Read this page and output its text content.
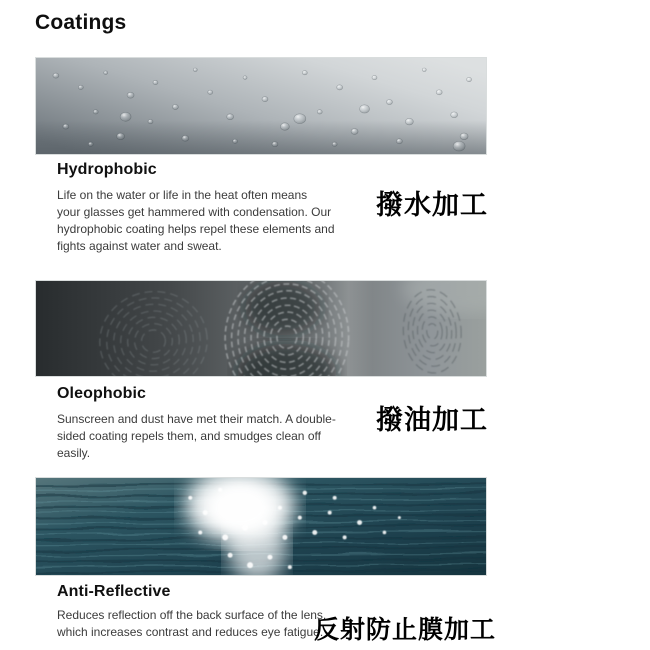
Coatings
Hydrophobic
Life on the water or life in the heat often means
your glasses get hammered with condensation. Our
hydrophobic coating helps repel these elements and
fights against water and sweat.
撥水加工
Oleophobic
Sunscreen and dust have met their match. A double-
sided coating repels them, and smudges clean off
easily.
撥油加工
Anti-Reflective
Reduces reflection off the back surface of the lens,
which increases contrast and reduces eye fatigue.
反射防止膜加工
